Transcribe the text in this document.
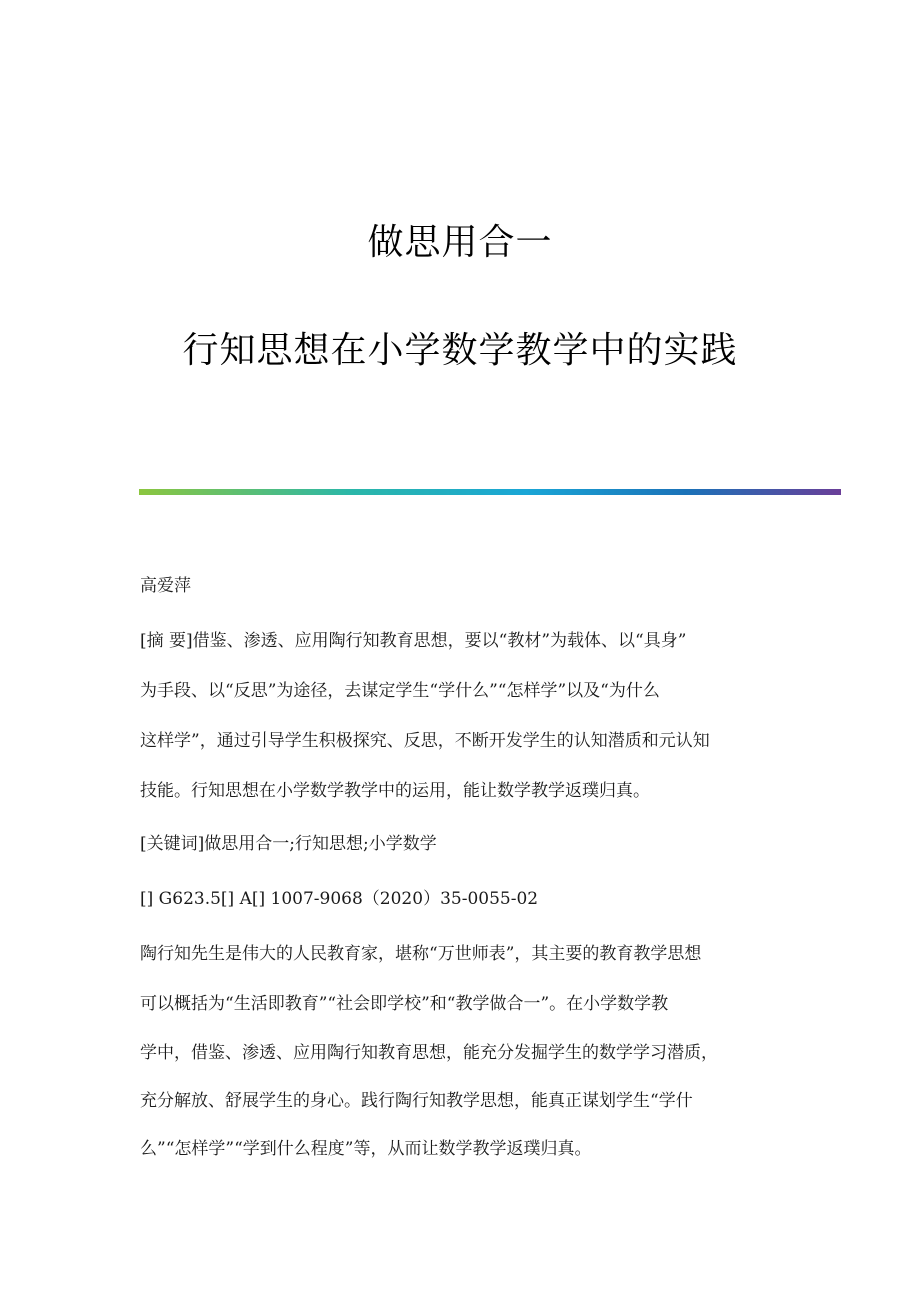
做思用合一
行知思想在小学数学教学中的实践
高爱萍
[摘 要]借鉴、渗透、应用陶行知教育思想，要以“教材”为载体、以“具身”
为手段、以“反思”为途径，去谋定学生“学什么”“怎样学”以及“为什么
这样学”，通过引导学生积极探究、反思，不断开发学生的认知潜质和元认知
技能。行知思想在小学数学教学中的运用，能让数学教学返璞归真。
[关键词]做思用合一;行知思想;小学数学
[] G623.5[] A[] 1007-9068（2020）35-0055-02
陶行知先生是伟大的人民教育家，堪称“万世师表”，其主要的教育教学思想
可以概括为“生活即教育”“社会即学校”和“教学做合一”。在小学数学教
学中，借鉴、渗透、应用陶行知教育思想，能充分发掘学生的数学学习潜质，
充分解放、舒展学生的身心。践行陶行知教学思想，能真正谋划学生“学什
么”“怎样学”“学到什么程度”等，从而让数学教学返璞归真。
